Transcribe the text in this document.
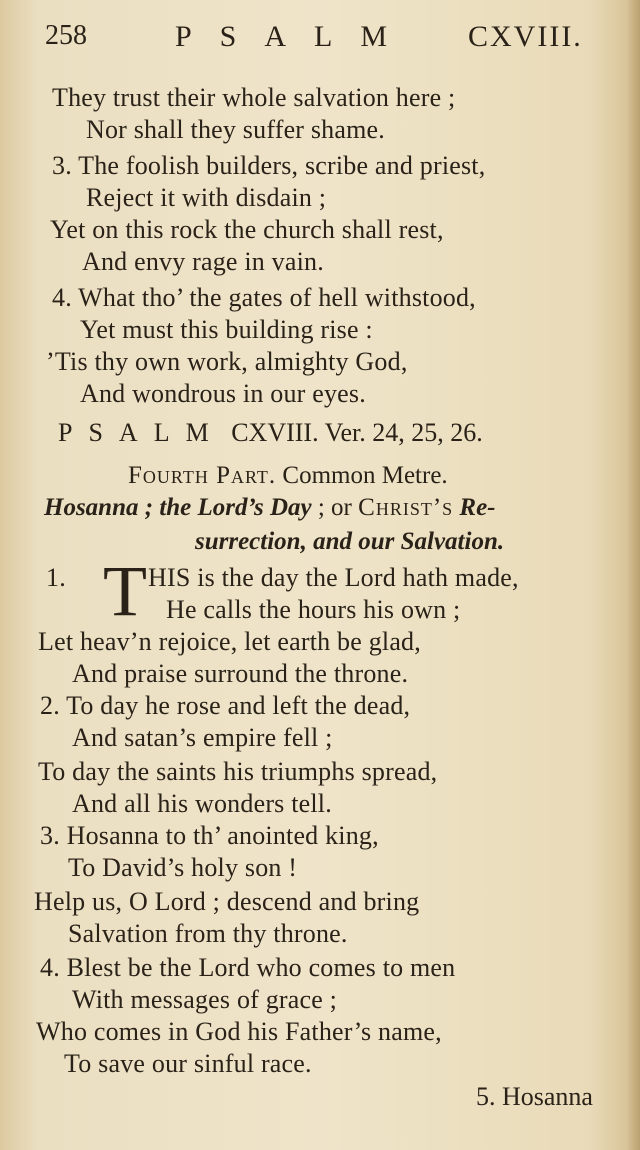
258	PSALM CXVIII.
They trust their whole salvation here ;
Nor shall they suffer shame.
3. The foolish builders, scribe and priest,
Reject it with disdain ;
Yet on this rock the church shall rest,
And envy rage in vain.
4. What tho’ the gates of hell withstood,
Yet must this building rise :
’Tis thy own work, almighty God,
And wondrous in our eyes.
PSALM CXVIII. Ver. 24, 25, 26.
Fourth Part. Common Metre.
Hosanna ; the Lord’s Day ; or Christ’s Re-
surrection, and our Salvation.
1. T HIS is the day the Lord hath made,
He calls the hours his own ;
Let heav’n rejoice, let earth be glad,
And praise surround the throne.
2. To day he rose and left the dead,
And satan’s empire fell ;
To day the saints his triumphs spread,
And all his wonders tell.
3. Hosanna to th’ anointed king,
To David’s holy son !
Help us, O Lord ; descend and bring
Salvation from thy throne.
4. Blest be the Lord who comes to men
With messages of grace ;
Who comes in God his Father’s name,
To save our sinful race.
5. Hosanna
